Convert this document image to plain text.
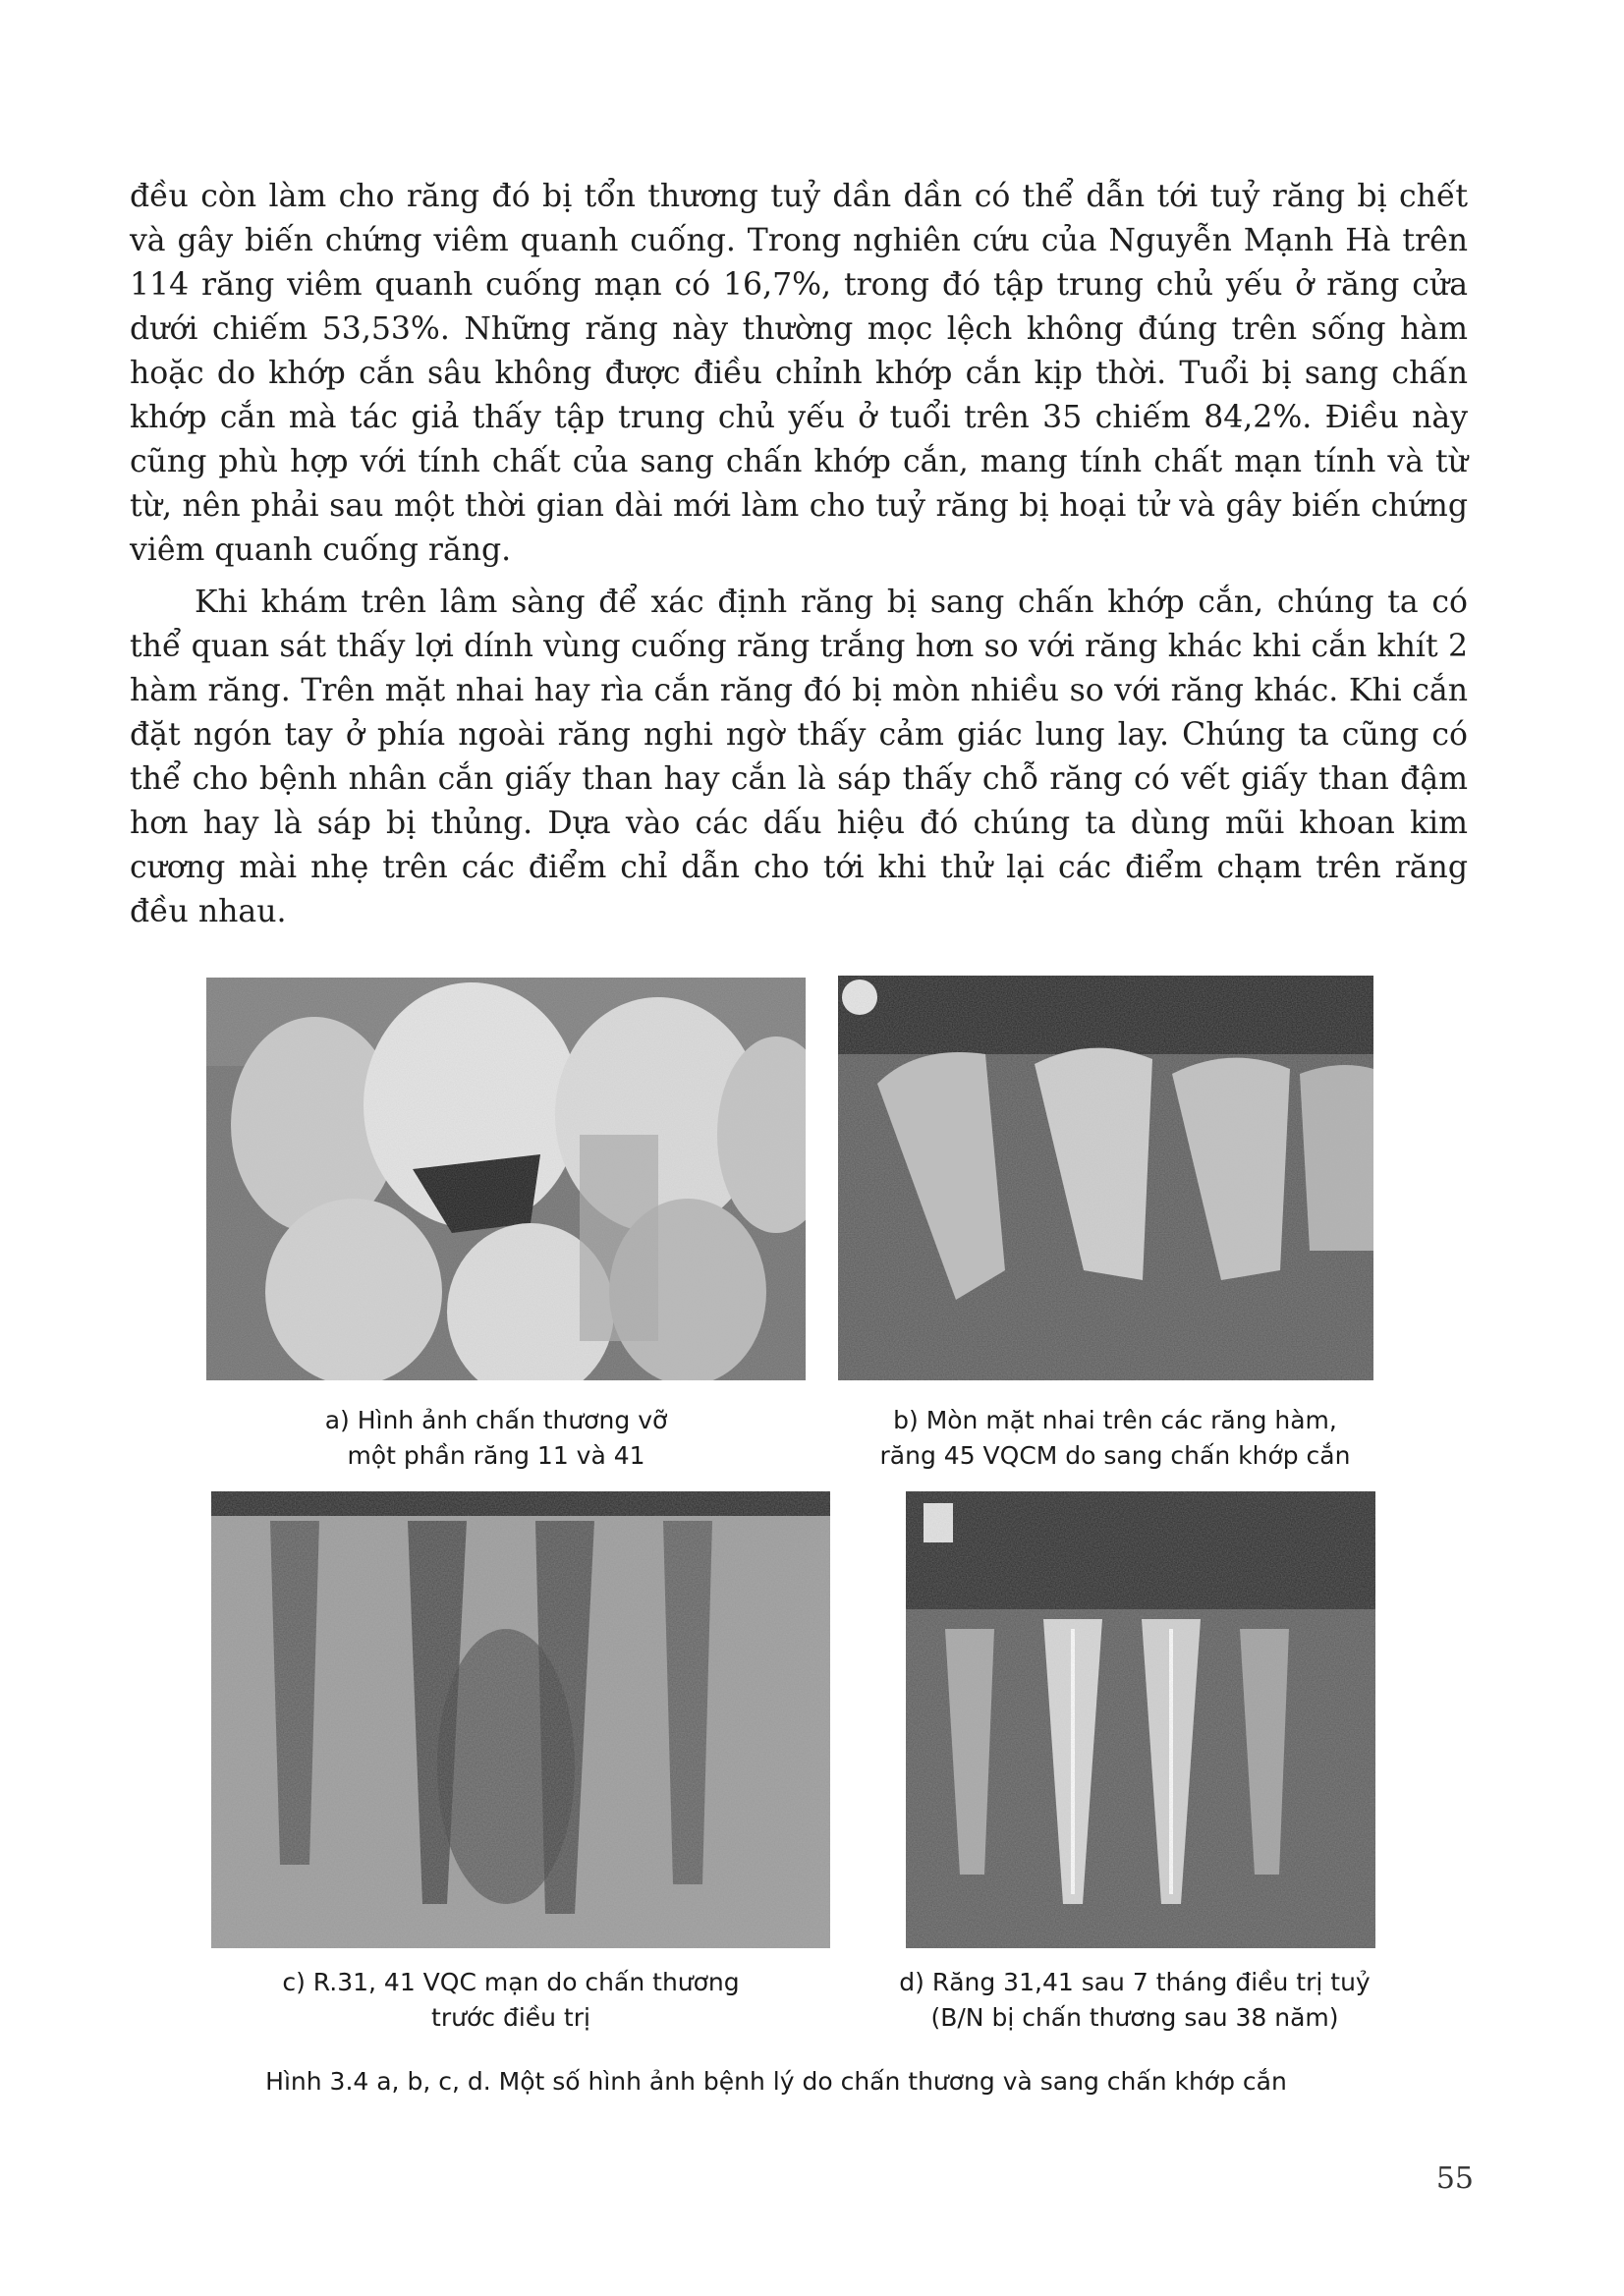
đều còn làm cho răng đó bị tổn thương tuỷ dần dần có thể dẫn tới tuỷ răng bị chết và gây biến chứng viêm quanh cuống. Trong nghiên cứu của Nguyễn Mạnh Hà trên 114 răng viêm quanh cuống mạn có 16,7%, trong đó tập trung chủ yếu ở răng cửa dưới chiếm 53,53%. Những răng này thường mọc lệch không đúng trên sống hàm hoặc do khớp cắn sâu không được điều chỉnh khớp cắn kịp thời. Tuổi bị sang chấn khớp cắn mà tác giả thấy tập trung chủ yếu ở tuổi trên 35 chiếm 84,2%. Điều này cũng phù hợp với tính chất của sang chấn khớp cắn, mang tính chất mạn tính và từ từ, nên phải sau một thời gian dài mới làm cho tuỷ răng bị hoại tử và gây biến chứng viêm quanh cuống răng.

Khi khám trên lâm sàng để xác định răng bị sang chấn khớp cắn, chúng ta có thể quan sát thấy lợi dính vùng cuống răng trắng hơn so với răng khác khi cắn khít 2 hàm răng. Trên mặt nhai hay rìa cắn răng đó bị mòn nhiều so với răng khác. Khi cắn đặt ngón tay ở phía ngoài răng nghi ngờ thấy cảm giác lung lay. Chúng ta cũng có thể cho bệnh nhân cắn giấy than hay cắn là sáp thấy chỗ răng có vết giấy than đậm hơn hay là sáp bị thủng. Dựa vào các dấu hiệu đó chúng ta dùng mũi khoan kim cương mài nhẹ trên các điểm chỉ dẫn cho tới khi thử lại các điểm chạm trên răng đều nhau.

a) Hình ảnh chấn thương vỡ
một phần răng 11 và 41
b) Mòn mặt nhai trên các răng hàm,
răng 45 VQCM do sang chấn khớp cắn
c) R.31, 41 VQC mạn do chấn thương
trước điều trị
d) Răng 31,41 sau 7 tháng điều trị tuỷ
(B/N bị chấn thương sau 38 năm)
Hình 3.4 a, b, c, d. Một số hình ảnh bệnh lý do chấn thương và sang chấn khớp cắn
55
